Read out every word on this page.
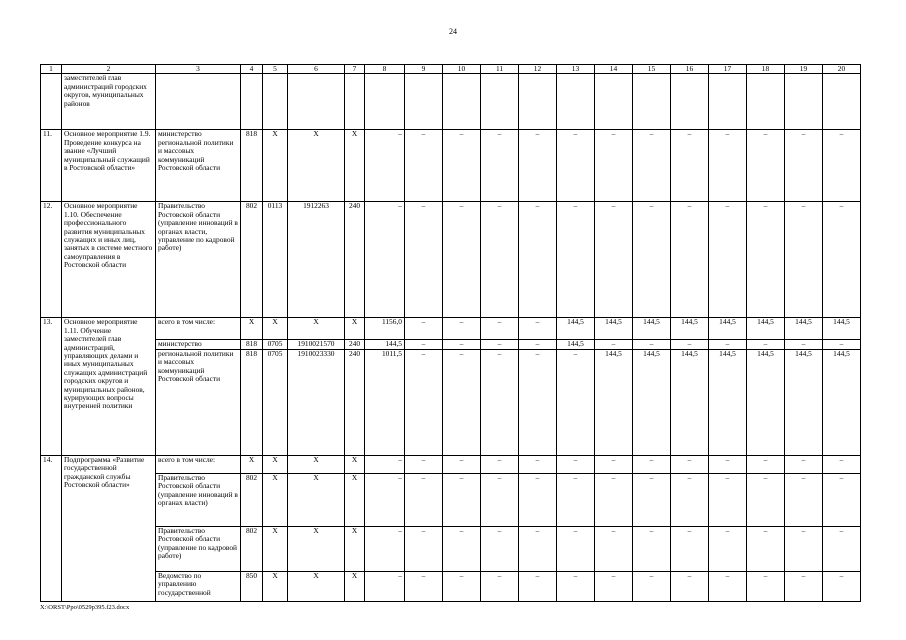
24
1	2	3	4	5	6	7	8	9	10	11	12	13	14	15	16	17	18	19	20
	заместителей глав администраций городских округов, муниципальных районов																		
11.	Основное мероприятие 1.9. Проведение конкурса на звание «Лучший муниципальный служащий в Ростовской области»	министерство региональной политики и массовых коммуникаций Ростовской области	818	X	X	X	–	–	–	–	–	–	–	–	–	–	–	–	–
12.	Основное мероприятие 1.10. Обеспечение профессионального развития муниципальных служащих и иных лиц, занятых в системе местного самоуправления в Ростовской области	Правительство Ростовской области (управление инноваций в органах власти, управление по кадровой работе)	802	0113	1912263	240	–	–	–	–	–	–	–	–	–	–	–	–	–
13.	Основное мероприятие 1.11. Обучение заместителей глав администраций, управляющих делами и иных муниципальных служащих администраций городских округов и муниципальных районов, курирующих вопросы внутренней политики	всего в том числе:	X	X	X	X	1156,0	–	–	–	–	144,5	144,5	144,5	144,5	144,5	144,5	144,5	144,5
		министерство	818	0705	1910021570	240	144,5	–	–	–	–	144,5	–	–	–	–	–	–	–
		региональной политики и массовых коммуникаций Ростовской области	818	0705	1910023330	240	1011,5	–	–	–	–	–	144,5	144,5	144,5	144,5	144,5	144,5	144,5
14.	Подпрограмма «Развитие государственной гражданской службы Ростовской области»	всего в том числе:	X	X	X	X	–	–	–	–	–	–	–	–	–	–	–	–	–
		Правительство Ростовской области (управление инноваций в органах власти)	802	X	X	X	–	–	–	–	–	–	–	–	–	–	–	–	–
		Правительство Ростовской области (управление по кадровой работе)	802	X	X	X	–	–	–	–	–	–	–	–	–	–	–	–	–
		Ведомство по управлению государственной	850	X	X	X	–	–	–	–	–	–	–	–	–	–	–	–	–
X:\ORST\Ppo\0529p395.f23.docx
